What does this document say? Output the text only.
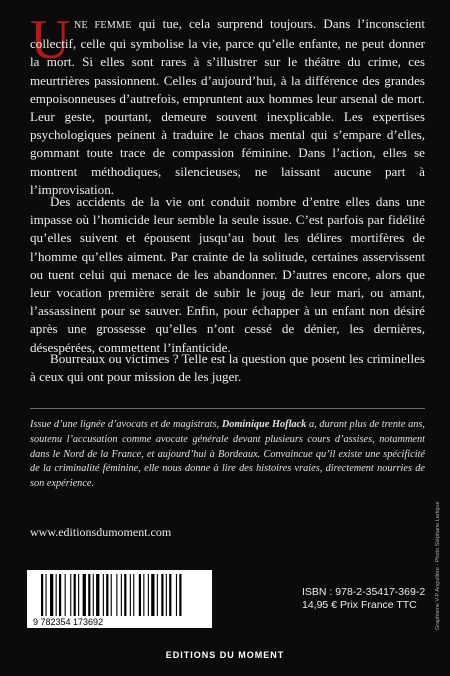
U NE FEMME qui tue, cela surprend toujours. Dans l’inconscient collectif, celle qui symbolise la vie, parce qu’elle enfante, ne peut donner la mort. Si elles sont rares à s’illustrer sur le théâtre du crime, ces meurtrières passionnent. Celles d’aujourd’hui, à la différence des grandes empoisonneuses d’autrefois, empruntent aux hommes leur arsenal de mort. Leur geste, pourtant, demeure souvent inexplicable. Les expertises psychologiques peinent à traduire le chaos mental qui s’empare d’elles, gommant toute trace de compassion féminine. Dans l’action, elles se montrent méthodiques, silencieuses, ne laissant aucune part à l’improvisation.

Des accidents de la vie ont conduit nombre d’entre elles dans une impasse où l’homicide leur semble la seule issue. C’est parfois par fidélité qu’elles suivent et épousent jusqu’au bout les délires mortifères de l’homme qu’elles aiment. Par crainte de la solitude, certaines asservissent ou tuent celui qui menace de les abandonner. D’autres encore, alors que leur vocation première serait de subir le joug de leur mari, ou amant, l’assassinent pour se sauver. Enfin, pour échapper à un enfant non désiré après une grossesse qu’elles n’ont cessé de dénier, les dernières, désespérées, commettent l’infanticide.

Bourreaux ou victimes ? Telle est la question que posent les criminelles à ceux qui ont pour mission de les juger.

Issue d’une lignée d’avocats et de magistrats, Dominique Hoflack a, durant plus de trente ans, soutenu l’accusation comme avocate générale devant plusieurs cours d’assises, notamment dans le Nord de la France, et aujourd’hui à Bordeaux. Convaincue qu’il existe une spécificité de la criminalité féminine, elle nous donne à lire des histoires vraies, directement nourries de son expérience.

www.editionsdumoment.com	Graphisme V-P Anguillère - Photo Stéphane Lartigue
9 782354 173692
ISBN : 978-2-35417-369-2
14,95 € Prix France TTC
EDITIONS DU MOMENT
